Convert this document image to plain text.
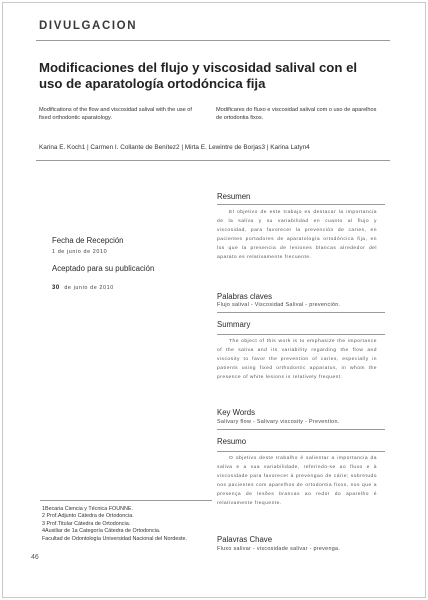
DIVULGACION
Modificaciones del flujo y viscosidad salival con el uso de aparatología ortodóncica fija
Modifications of the flow and viscosidad salival with the use of fixed orthodontic aparatology.
Modificares do fluxo e viscosidad salival com o uso de aparelhos de ortodontia fixos.
Karina E. Koch1 | Carmen I. Collante de Benítez2 | Mirta E. Lewintre de Borjas3 | Karina Latyn4
Fecha de Recepción
1 de junio de 2010
Aceptado para su publicación
30 de junio de 2010
Resumen
El objetivo de este trabajo es destacar la importancia de la saliva y su variabilidad en cuanto al flujo y viscosidad, para favorecer la prevención de caries, en pacientes portadores de aparatología ortodóncica fija, en los que la presencia de lesiones blancas alrededor del aparato es relativamente frecuente.
Palabras claves
Flujo salival - Viscosidad Salival - prevención.
Summary
The object of this work is to emphasize the importance of the saliva and its variability regarding the flow and viscosity to favor the prevention of caries, especially in patients using fixed orthodontic apparatus, in whom the presence of white lesions is relatively frequent.
Key Words
Salivary flow - Salivary viscosity - Prevention.
Resumo
O objetivo deste trabalho é salientar a importancia da saliva e a sua variabilidade, referindo-se ao fluxo e à viscosidade para favorecer à prevengao de cárie; sobretudo nos pacientes com aparelhos de ortodontia fixos, nos que a presença de lesões brancas ao redor do aparelho é relativamente frequente.
Palavras Chave
Fluxo salivar - viscosidade salivar - prevenga.
1Becaria Ciencia y Técnica FOUNNE.
2 Prof.Adjunto Cátedra de Ortodoncia.
3 Prof.Titular Cátedra de Ortodoncia.
4Auxiliar de 1a Categoría Cátedra de Ortodoncia.
Facultad de Odontología Universidad Nacional del Nordeste.
46
